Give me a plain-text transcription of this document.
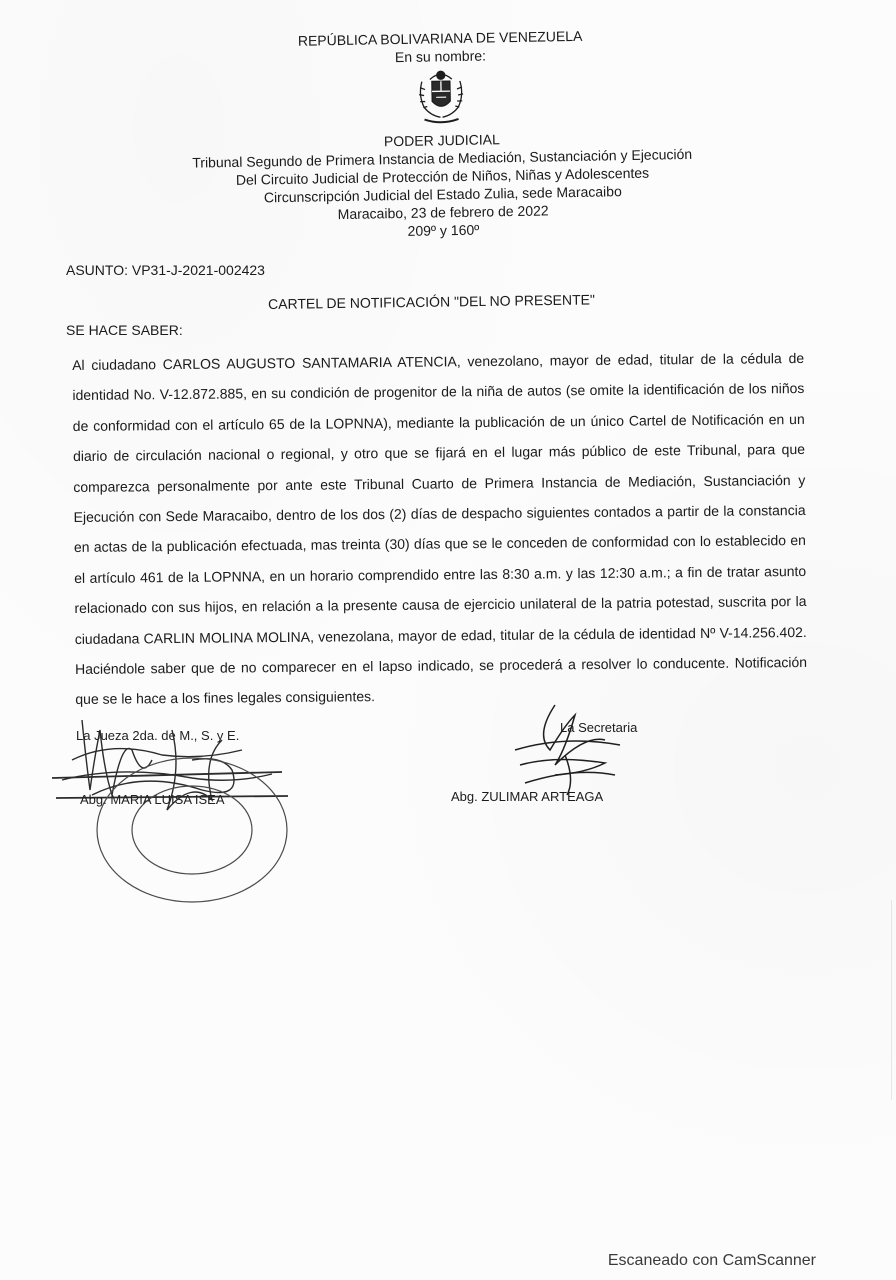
REPÚBLICA BOLIVARIANA DE VENEZUELA
En su nombre:
PODER JUDICIAL
Tribunal Segundo de Primera Instancia de Mediación, Sustanciación y Ejecución
Del Circuito Judicial de Protección de Niños, Niñas y Adolescentes
Circunscripción Judicial del Estado Zulia, sede Maracaibo
Maracaibo, 23 de febrero de 2022
209º y 160º
ASUNTO: VP31-J-2021-002423
CARTEL DE NOTIFICACIÓN "DEL NO PRESENTE"
SE HACE SABER:
Al ciudadano CARLOS AUGUSTO SANTAMARIA ATENCIA, venezolano, mayor de edad, titular de la cédula de identidad No. V-12.872.885, en su condición de progenitor de la niña de autos (se omite la identificación de los niños de conformidad con el artículo 65 de la LOPNNA), mediante la publicación de un único Cartel de Notificación en un diario de circulación nacional o regional, y otro que se fijará en el lugar más público de este Tribunal, para que comparezca personalmente por ante este Tribunal Cuarto de Primera Instancia de Mediación, Sustanciación y Ejecución con Sede Maracaibo, dentro de los dos (2) días de despacho siguientes contados a partir de la constancia en actas de la publicación efectuada, mas treinta (30) días que se le conceden de conformidad con lo establecido en el artículo 461 de la LOPNNA, en un horario comprendido entre las 8:30 a.m. y las 12:30 a.m.; a fin de tratar asunto relacionado con sus hijos, en relación a la presente causa de ejercicio unilateral de la patria potestad, suscrita por la ciudadana CARLIN MOLINA MOLINA, venezolana, mayor de edad, titular de la cédula de identidad Nº V-14.256.402. Haciéndole saber que de no comparecer en el lapso indicado, se procederá a resolver lo conducente. Notificación que se le hace a los fines legales consiguientes.
La Jueza 2da. de M., S. y E.
Abg. MARIA LUISA ISEA
La Secretaria
Abg. ZULIMAR ARTEAGA
Escaneado con CamScanner
